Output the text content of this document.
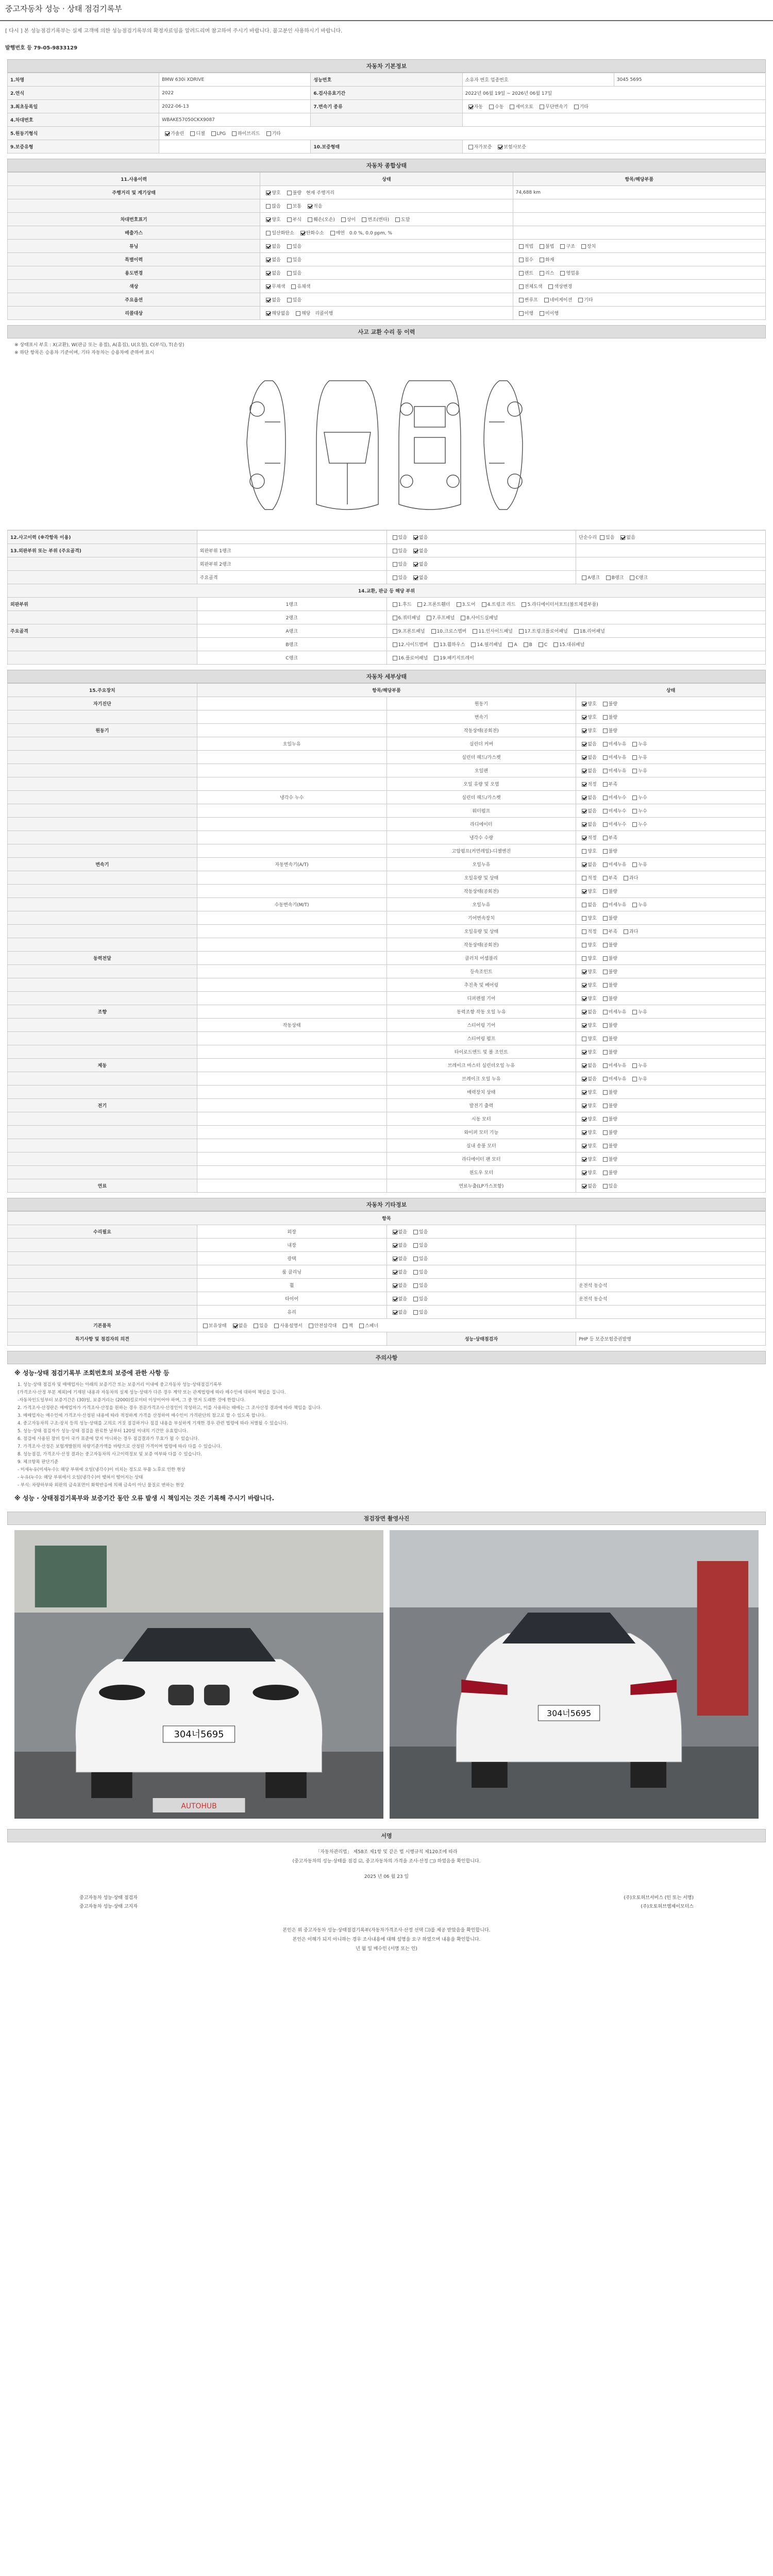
중고자동차 성능 · 상태 점검기록부
[ 다시 ] 본 성능점검기록부는 실제 고객에 의한 성능점검기록부의 확정자료임을 알려드리며 참고하여 주시기 바랍니다. 불고분인 사용하시기 바랍니다.
발행번호 등 79-05-9833129
자동차 기본정보
1.차명	BMW 630i XDRIVE	성능번호	소유자 번호 업종번호	3045 5695
2.연식	2022	6.검사유효기간	2022년 06월 19일 ~ 2026년 06월 17일	
3.최초등록일	2022-06-13	7.변속기 종류	자동 수동 세미오토 무단변속기 기타	
4.차대번호	WBAKE57050CKX9087			
5.원동기형식	가솔린 디젤 LPG 하이브리드 기타			
9.보증유형		10.보증형태	자가보증 보험사보증	
자동차 종합상태
11.사용이력	상태	항목/해당부품
주행거리 및 계기상태	양호 불량 현재 주행거리	74,688 km
	많음 보통 적음	
차대번호표기	양호 부식 훼손(오손) 상이 변조(변타) 도말	
배출가스	일산화탄소 탄화수소 매연 0.0 %, 0.0 ppm, %	
튜닝	없음 있음	적법 불법 구조 장치
특별이력	없음 있음	침수 화재
용도변경	없음 있음	렌트 리스 영업용
색상	무채색 유채색	전체도색 색상변경
주요옵션	없음 있음	썬루프 네비게이션 기타
리콜대상	해당없음 해당 리콜이행	이행 미이행
사고 교환 수리 등 이력
※ 상태표시 부호 : X(교환), W(판금 또는 용접), A(흠집), U(요철), C(부식), T(손상)
※ 하단 항목은 승용차 기준이며, 기타 자동차는 승용차에 준하여 표시
12.사고이력 (※각항목 이용)		있음 없음	단순수리 있음 없음
13.외판부위 또는 부위 (주요골격)	외판부위 1랭크	있음 없음	
	외판부위 2랭크	있음 없음	
	주요골격	있음 없음	A랭크 B랭크 C랭크
14.교환, 판금 등 해당 부위			
외판부위	1랭크	1.후드 2.프론트휀더 3.도어 4.트렁크 리드 5.라디에이터서포트(볼트체결부품)	
	2랭크	6.쿼터패널 7.루프패널 8.사이드실패널	
주요골격	A랭크	9.프론트패널 10.크로스멤버 11.인사이드패널 17.트렁크플로어패널 18.리어패널	
	B랭크	12.사이드멤버 13.휠하우스 14.필러패널 A B C 15.대쉬패널	
	C랭크	16.플로어패널 19.패키지트레이	
자동차 세부상태
15.주요장치	항목/해당부품		상태
자기진단		원동기	양호 불량
		변속기	양호 불량
원동기		작동상태(공회전)	양호 불량
	오일누유	실린더 커버	없음 미세누유 누유
		실린더 헤드/가스켓	없음 미세누유 누유
		오일팬	없음 미세누유 누유
		오일 유량 및 오염	적정 부족
	냉각수 누수	실린더 헤드/가스켓	없음 미세누수 누수
		워터펌프	없음 미세누수 누수
		라디에이터	없음 미세누수 누수
		냉각수 수량	적정 부족
		고압펌프(커먼레일)-디젤엔진	양호 불량
변속기	자동변속기(A/T)	오일누유	없음 미세누유 누유
		오일유량 및 상태	적정 부족 과다
		작동상태(공회전)	양호 불량
	수동변속기(M/T)	오일누유	없음 미세누유 누유
		기어변속장치	양호 불량
		오일유량 및 상태	적정 부족 과다
		작동상태(공회전)	양호 불량
동력전달		클러치 어셈블리	양호 불량
		등속조인트	양호 불량
		추진축 및 베어링	양호 불량
		디퍼렌셜 기어	양호 불량
조향		동력조향 작동 오일 누유	없음 미세누유 누유
	작동상태	스티어링 기어	양호 불량
		스티어링 펌프	양호 불량
		타이로드엔드 및 볼 조인트	양호 불량
제동		브레이크 마스터 실린더오일 누유	없음 미세누유 누유
		브레이크 오일 누유	없음 미세누유 누유
		배력장치 상태	양호 불량
전기		발전기 출력	양호 불량
		시동 모터	양호 불량
		와이퍼 모터 기능	양호 불량
		실내 송풍 모터	양호 불량
		라디에이터 팬 모터	양호 불량
		윈도우 모터	양호 불량
연료		연료누출(LP가스포함)	없음 있음
자동차 기타정보
항목			
수리필요	외장	없음 있음	
	내장	없음 있음	
	광택	없음 있음	
	룸 클리닝	없음 있음	
	휠	없음 있음	운전석 동승석
	타이어	없음 있음	운전석 동승석
	유리	없음 있음	
기본품목	보유상태 없음 있음 사용설명서 안전삼각대 잭 스패너		
특기사항 및 점검자의 의견		성능·상태점검자	PHP 등 보증보험증권발행
주의사항
※ 성능·상태 점검기록부 조회번호의 보증에 관한 사항 등
1. 성능·상태 점검자 및 매매업자는 아래의 보증기간 또는 보증거리 이내에 중고자동차 성능·상태점검기록부
(가격조사·산정 부분 제외)에 기재된 내용과 자동차의 실제 성능·상태가 다른 경우 계약 또는 관계법령에 따라 매수인에 대하여 책임을 집니다.
-자동차인도일부터 보증기간은 (30)일, 보증거리는 (2000)킬로미터 이상이어야 하며, 그 중 먼저 도래한 것에 한합니다.
2. 가격조사·산정란은 매매업자가 가격조사·산정을 원하는 경우 전문가격조사·산정인이 작성하고, 이를 사용하는 때에는 그 조사산정 결과에 따라 책임을 집니다.
3. 매매업자는 매수인에 가격조사·산정된 내용에 따라 적정하게 가격을 산정하여 매수인이 가격판단의 참고로 할 수 있도록 합니다.
4. 중고자동차의 구조·장치 등의 성능·상태를 고의로 거짓 점검하거나 점검 내용을 부실하게 기재한 경우 관련 법령에 따라 처벌될 수 있습니다.
5. 성능·상태 점검자가 성능·상태 점검을 완료한 날부터 120일 이내의 기간만 유효합니다.
6. 점검에 사용된 장비 등이 국가 표준에 맞지 아니하는 경우 점검결과가 무효가 될 수 있습니다.
7. 가격조사·산정은 보험개발원의 차량기준가액을 바탕으로 산정된 가격이며 법령에 따라 다를 수 있습니다.
8. 성능점검, 가격조사·산정 결과는 중고자동차의 사고이력정보 및 보증 여부와 다를 수 있습니다.
9. 체크항목 판단기준
- 미세누유(미세누수): 해당 부위에 오일(냉각수)이 비치는 정도로 부품 노후로 인한 현상
- 누유(누수): 해당 부위에서 오일(냉각수)이 맺혀서 떨어지는 상태
- 부식: 차량하부와 외판의 금속표면이 화학반응에 의해 금속이 아닌 물질로 변하는 현상
※ 성능 · 상태점검기록부와 보증기간 동안 오류 발생 시 책임지는 것은 기록해 주시기 바랍니다.
점검장면 촬영사진
304너5695
AUTOHUB
304너5695
서명
「자동차관리법」 제58조 제1항 및 같은 법 시행규칙 제120조에 따라
(중고자동차의 성능·상태를 점검 ☑, 중고자동차의 가격을 조사·산정 □) 하였음을 확인합니다.
2025 년 06 월 23 일
중고자동차 성능·상태 점검자	(주)오토허브서비스 (인 또는 서명)
중고자동차 성능·상태 고지자	(주)오토허브엠제이모터스
본인은 위 중고자동차 성능·상태점검기록부(자동차가격조사·산정 선택 ☐)를 제공 받았음을 확인합니다.
본인은 이해가 되지 아니하는 경우 조사내용에 대해 설명을 요구 하였으며 내용을 확인합니다.
년 월 일 매수인 (서명 또는 인)
